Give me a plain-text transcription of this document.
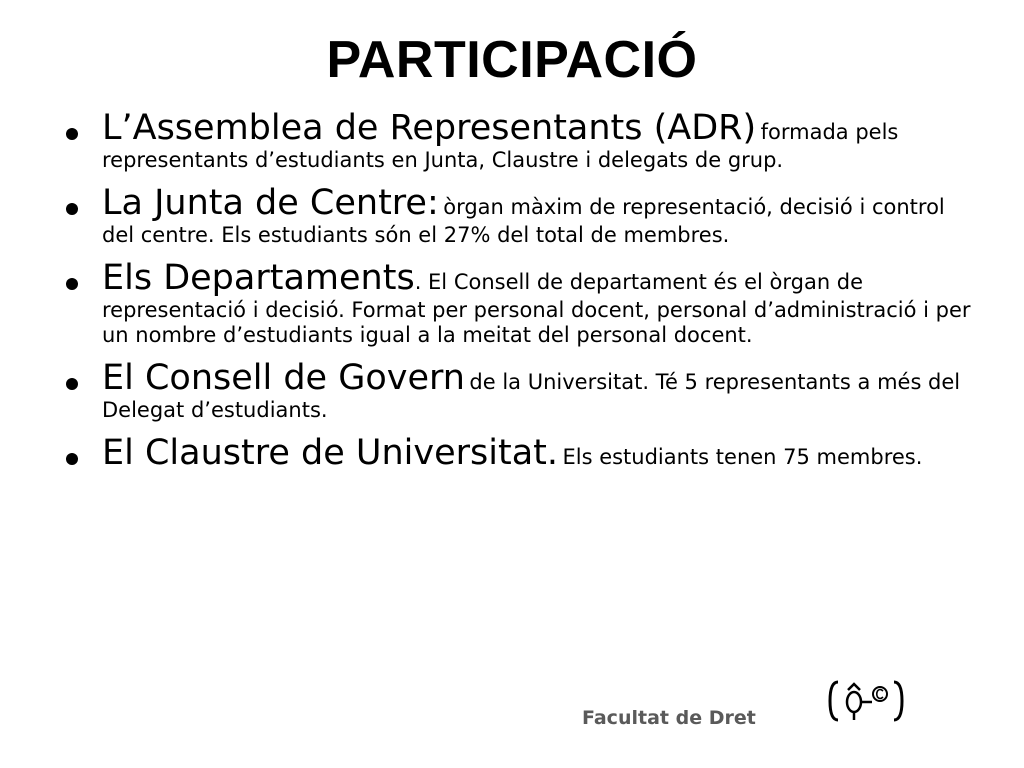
PARTICIPACIÓ
L’Assemblea de Representants (ADR) formada pels representants d’estudiants en Junta, Claustre i delegats de grup.
La Junta de Centre: òrgan màxim de representació, decisió i control del centre. Els estudiants són el 27% del total de membres.
Els Departaments. El Consell de departament és el òrgan de representació i decisió. Format per personal docent, personal d’administració i per un nombre d’estudiants igual a la meitat del personal docent.
El Consell de Govern de la Universitat. Té 5 representants a més del Delegat d’estudiants.
El Claustre de Universitat. Els estudiants tenen 75 membres.
Facultat de Dret
